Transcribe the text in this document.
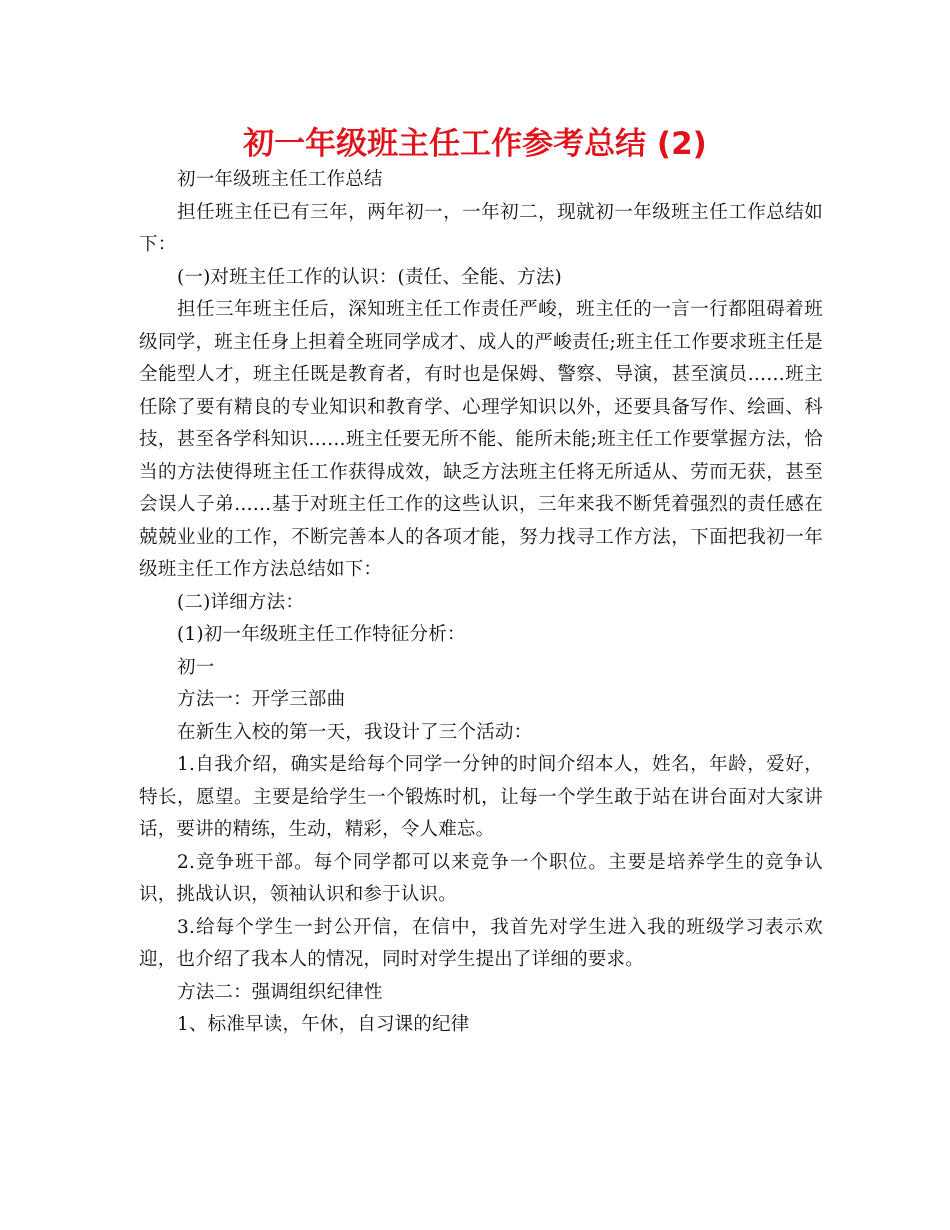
初一年级班主任工作参考总结 (2)

初一年级班主任工作总结

担任班主任已有三年，两年初一，一年初二，现就初一年级班主任工作总结如下：

(一)对班主任工作的认识：(责任、全能、方法)

担任三年班主任后，深知班主任工作责任严峻，班主任的一言一行都阻碍着班级同学，班主任身上担着全班同学成才、成人的严峻责任;班主任工作要求班主任是全能型人才，班主任既是教育者，有时也是保姆、警察、导演，甚至演员……班主任除了要有精良的专业知识和教育学、心理学知识以外，还要具备写作、绘画、科技，甚至各学科知识……班主任要无所不能、能所未能;班主任工作要掌握方法，恰当的方法使得班主任工作获得成效，缺乏方法班主任将无所适从、劳而无获，甚至会误人子弟……基于对班主任工作的这些认识，三年来我不断凭着强烈的责任感在兢兢业业的工作，不断完善本人的各项才能，努力找寻工作方法，下面把我初一年级班主任工作方法总结如下：

(二)详细方法：

(1)初一年级班主任工作特征分析：

初一

方法一：开学三部曲

在新生入校的第一天，我设计了三个活动：

1.自我介绍，确实是给每个同学一分钟的时间介绍本人，姓名，年龄，爱好，特长，愿望。主要是给学生一个锻炼时机，让每一个学生敢于站在讲台面对大家讲话，要讲的精练，生动，精彩，令人难忘。

2.竞争班干部。每个同学都可以来竞争一个职位。主要是培养学生的竞争认识，挑战认识，领袖认识和参于认识。

3.给每个学生一封公开信，在信中，我首先对学生进入我的班级学习表示欢迎，也介绍了我本人的情况，同时对学生提出了详细的要求。

方法二：强调组织纪律性

1、标准早读，午休，自习课的纪律
